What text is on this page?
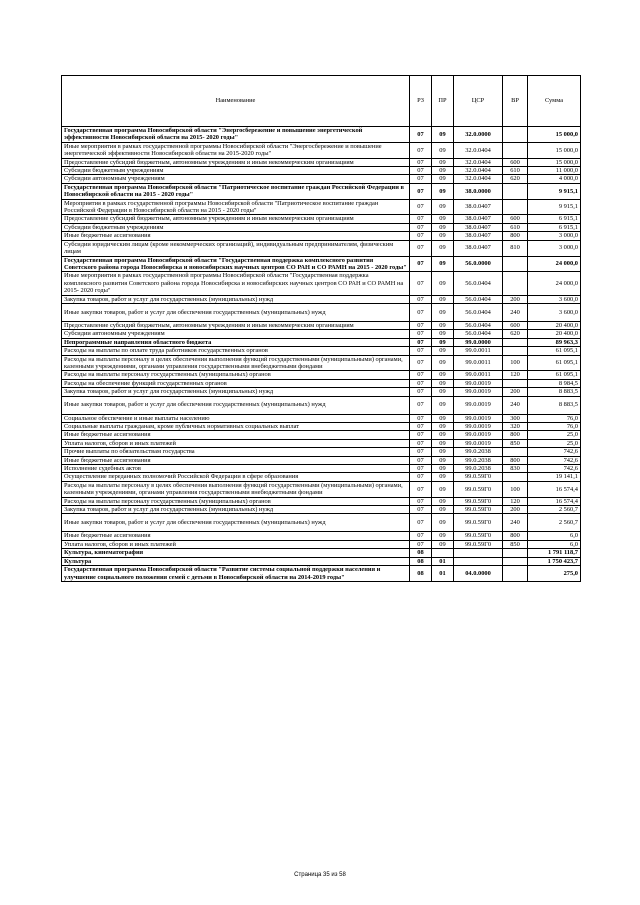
Наименование	РЗ	ПР	ЦСР	ВР	Сумма
Государственная программа Новосибирской области "Энергосбережение и повышение энергетической эффективности Новосибирской области на 2015- 2020 годы"	07	09	32.0.0000		15 000,0
Иные мероприятия в рамках государственной программы Новосибирской области "Энергосбережение и повышение энергетической эффективности Новосибирской области на 2015-2020 годы"	07	09	32.0.0404		15 000,0
Предоставление субсидий бюджетным, автономным учреждениям и иным некоммерческим организациям	07	09	32.0.0404	600	15 000,0
Субсидии бюджетным учреждениям	07	09	32.0.0404	610	11 000,0
Субсидии автономным учреждениям	07	09	32.0.0404	620	4 000,0
Государственная программа Новосибирской области "Патриотическое воспитание граждан Российской Федерации в Новосибирской области на 2015 - 2020 годы"	07	09	38.0.0000		9 915,1
Мероприятия в рамках государственной программы Новосибирской области "Патриотическое воспитание граждан Российской Федерации в Новосибирской области на 2015 - 2020 годы"	07	09	38.0.0407		9 915,1
Предоставление субсидий бюджетным, автономным учреждениям и иным некоммерческим организациям	07	09	38.0.0407	600	6 915,1
Субсидии бюджетным учреждениям	07	09	38.0.0407	610	6 915,1
Иные бюджетные ассигнования	07	09	38.0.0407	800	3 000,0
Субсидии юридическим лицам (кроме некоммерческих организаций), индивидуальным предпринимателям, физическим лицам	07	09	38.0.0407	810	3 000,0
Государственная программа Новосибирской области "Государственная поддержка комплексного развития Советского района города Новосибирска и новосибирских научных центров СО РАН и СО РАМН на 2015 - 2020 годы"	07	09	56.0.0000		24 000,0
Иные мероприятия в рамках государственной программы Новосибирской области "Государственная поддержка комплексного развития Советского района города Новосибирска и новосибирских научных центров СО РАН и СО РАМН на 2015- 2020 годы"	07	09	56.0.0404		24 000,0
Закупка товаров, работ и услуг для государственных (муниципальных) нужд	07	09	56.0.0404	200	3 600,0
Иные закупки товаров, работ и услуг для обеспечения государственных (муниципальных) нужд	07	09	56.0.0404	240	3 600,0
Предоставление субсидий бюджетным, автономным учреждениям и иным некоммерческим организациям	07	09	56.0.0404	600	20 400,0
Субсидии автономным учреждениям	07	09	56.0.0404	620	20 400,0
Непрограммные направления областного бюджета	07	09	99.0.0000		89 963,3
Расходы на выплаты по оплате труда работников государственных органов	07	09	99.0.0011		61 095,1
Расходы на выплаты персоналу в целях обеспечения выполнения функций государственными (муниципальными) органами, казенными учреждениями, органами управления государственными внебюджетными фондами	07	09	99.0.0011	100	61 095,1
Расходы на выплаты персоналу государственных (муниципальных) органов	07	09	99.0.0011	120	61 095,1
Расходы на обеспечение функций государственных органов	07	09	99.0.0019		8 984,5
Закупка товаров, работ и услуг для государственных (муниципальных) нужд	07	09	99.0.0019	200	8 883,5
Иные закупки товаров, работ и услуг для обеспечения государственных (муниципальных) нужд	07	09	99.0.0019	240	8 883,5
Социальное обеспечение и иные выплаты населению	07	09	99.0.0019	300	76,0
Социальные выплаты гражданам, кроме публичных нормативных социальных выплат	07	09	99.0.0019	320	76,0
Иные бюджетные ассигнования	07	09	99.0.0019	800	25,0
Уплата налогов, сборов и иных платежей	07	09	99.0.0019	850	25,0
Прочие выплаты по обязательствам государства	07	09	99.0.2038		742,6
Иные бюджетные ассигнования	07	09	99.0.2038	800	742,6
Исполнение судебных актов	07	09	99.0.2038	830	742,6
Осуществление переданных полномочий Российской Федерации в сфере образования	07	09	99.0.59Г0		19 141,1
Расходы на выплаты персоналу в целях обеспечения выполнения функций государственными (муниципальными) органами, казенными учреждениями, органами управления государственными внебюджетными фондами	07	09	99.0.59Г0	100	16 574,4
Расходы на выплаты персоналу государственных (муниципальных) органов	07	09	99.0.59Г0	120	16 574,4
Закупка товаров, работ и услуг для государственных (муниципальных) нужд	07	09	99.0.59Г0	200	2 560,7
Иные закупки товаров, работ и услуг для обеспечения государственных (муниципальных) нужд	07	09	99.0.59Г0	240	2 560,7
Иные бюджетные ассигнования	07	09	99.0.59Г0	800	6,0
Уплата налогов, сборов и иных платежей	07	09	99.0.59Г0	850	6,0
Культура, кинематография	08				1 791 118,7
Культура	08	01			1 750 423,7
Государственная программа Новосибирской области "Развитие системы социальной поддержки населения и улучшение социального положения семей с детьми в Новосибирской области на 2014-2019 годы"	08	01	04.0.0000		275,0
Страница 35 из 58
